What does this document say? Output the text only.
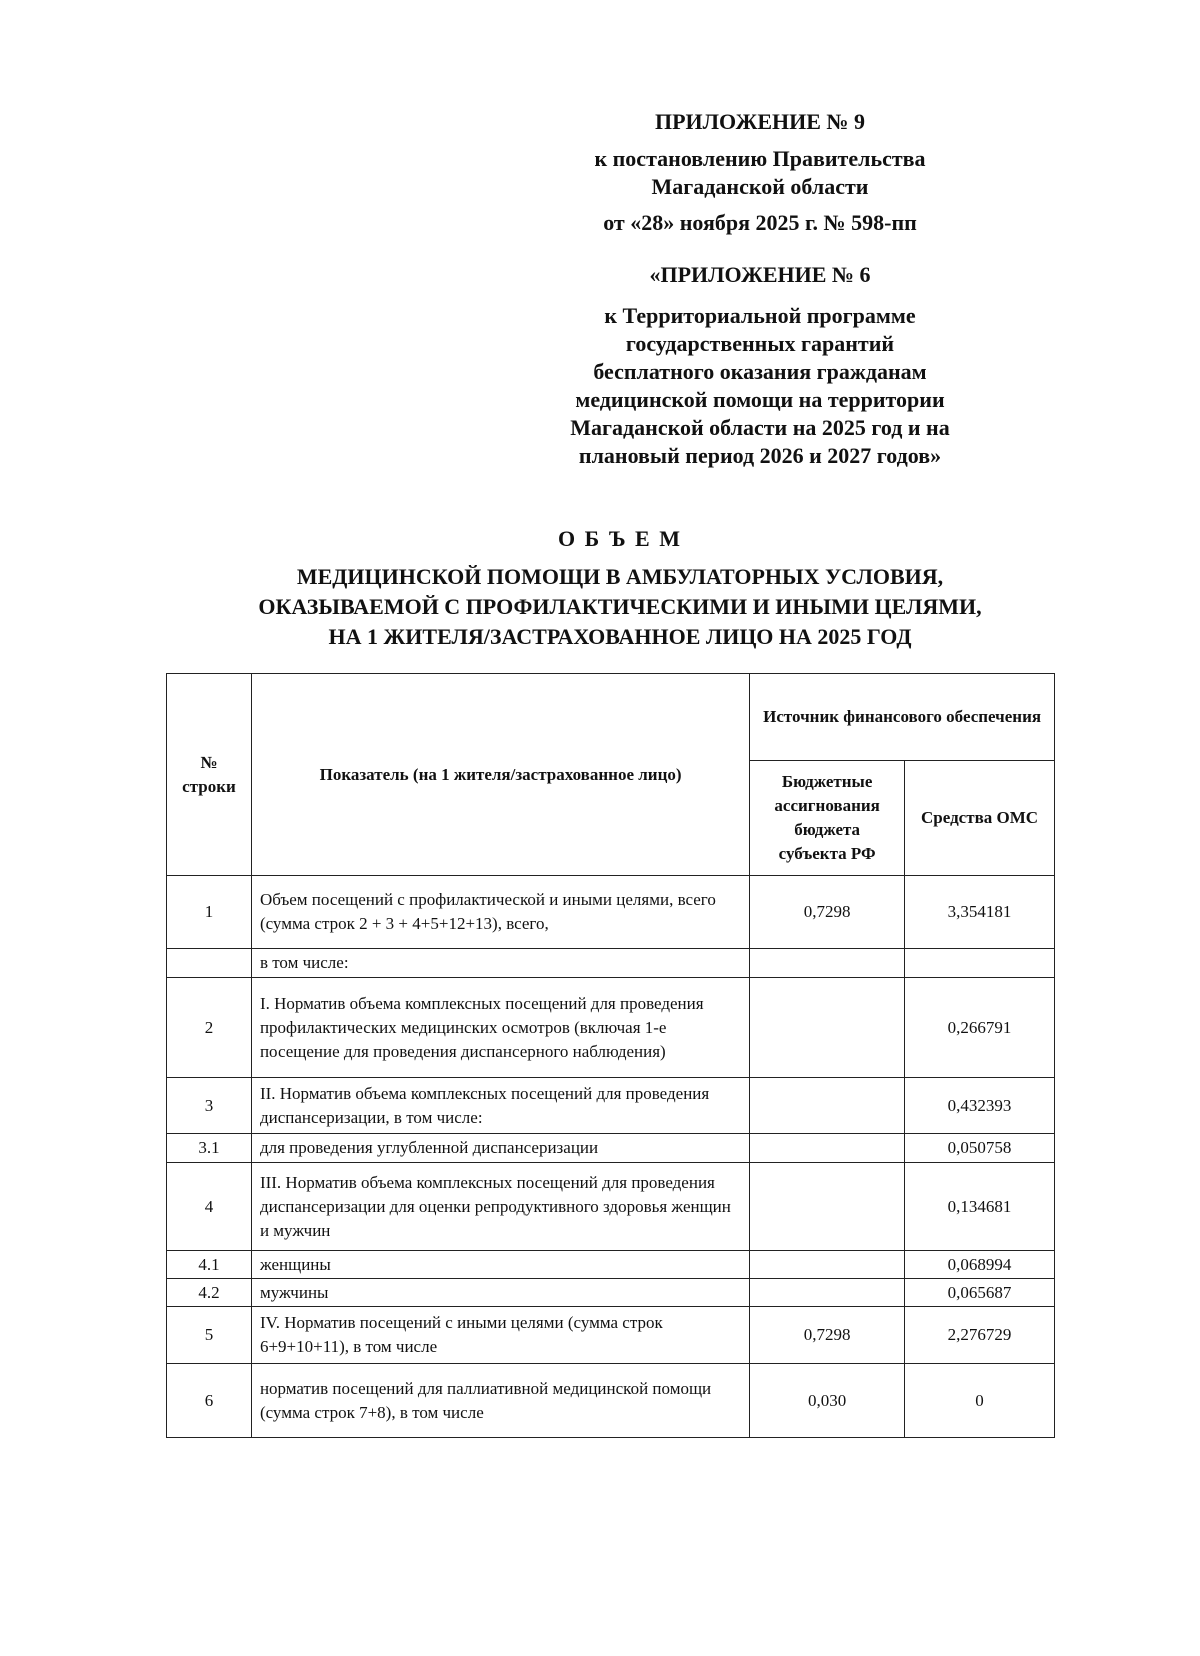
ПРИЛОЖЕНИЕ № 9
к постановлению Правительства
Магаданской области
от «28» ноября 2025 г. № 598-пп
«ПРИЛОЖЕНИЕ № 6
к Территориальной программе
государственных гарантий
бесплатного оказания гражданам
медицинской помощи на территории
Магаданской области на 2025 год и на
плановый период 2026 и 2027 годов»
О Б Ъ Е М
МЕДИЦИНСКОЙ ПОМОЩИ В АМБУЛАТОРНЫХ УСЛОВИЯ,
ОКАЗЫВАЕМОЙ С ПРОФИЛАКТИЧЕСКИМИ И ИНЫМИ ЦЕЛЯМИ,
НА 1 ЖИТЕЛЯ/ЗАСТРАХОВАННОЕ ЛИЦО НА 2025 ГОД
№ строки	Показатель (на 1 жителя/застрахованное лицо)	Источник финансового обеспечения	
		Бюджетные ассигнования бюджета субъекта РФ	Средства ОМС
1	Объем посещений с профилактической и иными целями, всего (сумма строк 2 + 3 + 4+5+12+13), всего,	0,7298	3,354181
	в том числе:		
2	I. Норматив объема комплексных посещений для проведения профилактических медицинских осмотров (включая 1-е посещение для проведения диспансерного наблюдения)		0,266791
3	II. Норматив объема комплексных посещений для проведения диспансеризации, в том числе:		0,432393
3.1	для проведения углубленной диспансеризации		0,050758
4	III. Норматив объема комплексных посещений для проведения диспансеризации для оценки репродуктивного здоровья женщин и мужчин		0,134681
4.1	женщины		0,068994
4.2	мужчины		0,065687
5	IV. Норматив посещений с иными целями (сумма строк 6+9+10+11), в том числе	0,7298	2,276729
6	норматив посещений для паллиативной медицинской помощи (сумма строк 7+8), в том числе	0,030	0
